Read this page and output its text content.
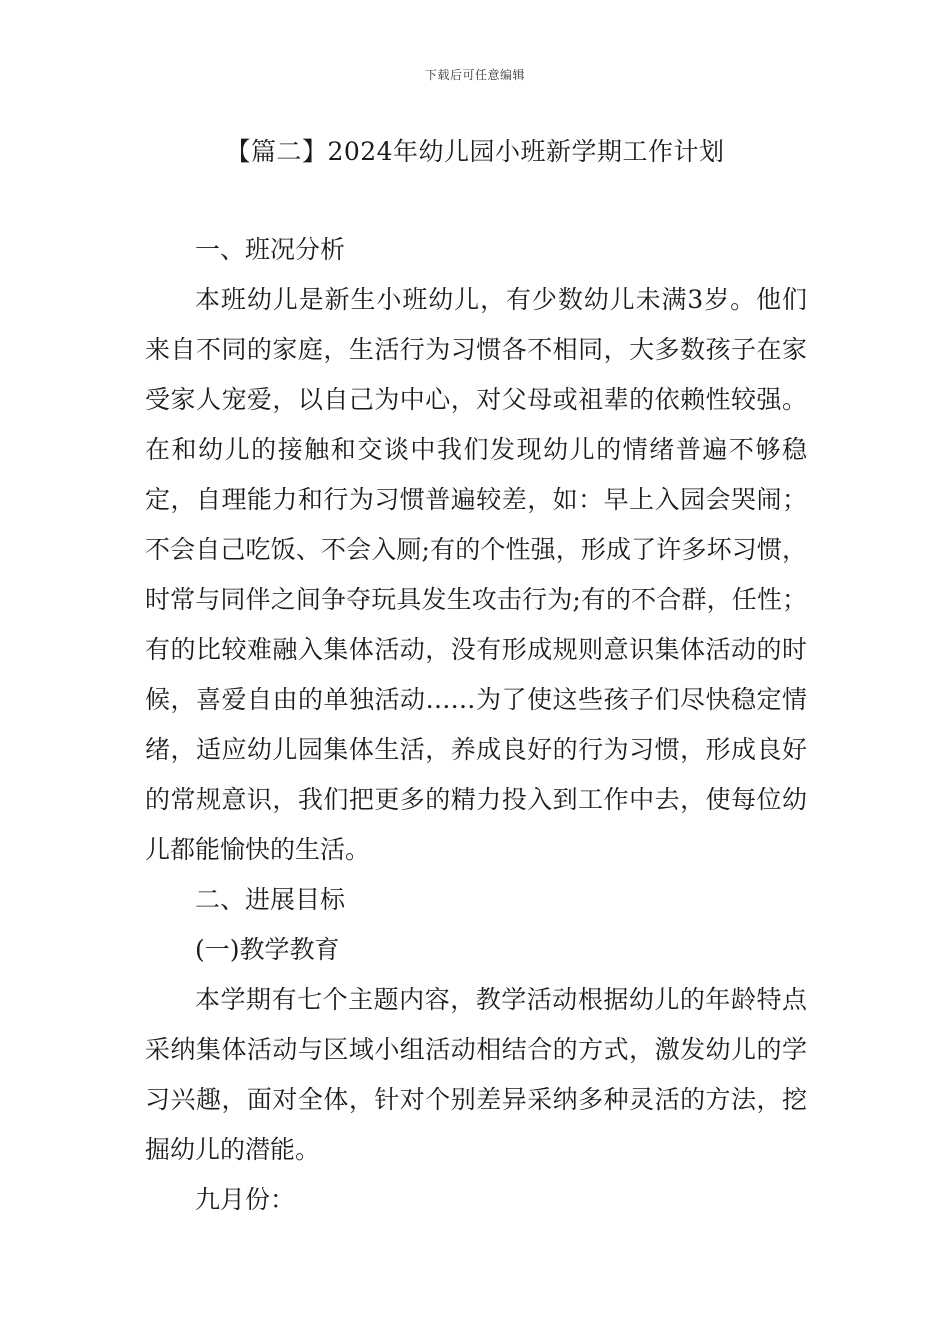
下载后可任意编辑
【篇二】2024年幼儿园小班新学期工作计划

一、班况分析

本班幼儿是新生小班幼儿，有少数幼儿未满3岁。他们来自不同的家庭，生活行为习惯各不相同，大多数孩子在家受家人宠爱，以自己为中心，对父母或祖辈的依赖性较强。在和幼儿的接触和交谈中我们发现幼儿的情绪普遍不够稳定，自理能力和行为习惯普遍较差，如：早上入园会哭闹；不会自己吃饭、不会入厕;有的个性强，形成了许多坏习惯，时常与同伴之间争夺玩具发生攻击行为;有的不合群，任性；有的比较难融入集体活动，没有形成规则意识集体活动的时候，喜爱自由的单独活动……为了使这些孩子们尽快稳定情绪，适应幼儿园集体生活，养成良好的行为习惯，形成良好的常规意识，我们把更多的精力投入到工作中去，使每位幼儿都能愉快的生活。

二、进展目标

(一)教学教育

本学期有七个主题内容，教学活动根据幼儿的年龄特点采纳集体活动与区域小组活动相结合的方式，激发幼儿的学习兴趣，面对全体，针对个别差异采纳多种灵活的方法，挖掘幼儿的潜能。

九月份：
